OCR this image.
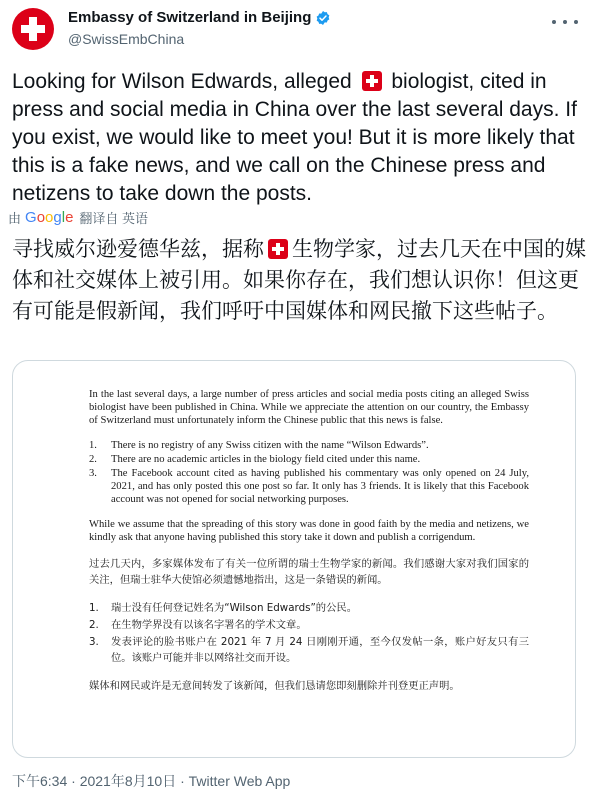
Embassy of Switzerland in Beijing
@SwissEmbChina
Looking for Wilson Edwards, alleged  biologist, cited in press and social media in China over the last several days. If you exist, we would like to meet you! But it is more likely that this is a fake news, and we call on the Chinese press and netizens to take down the posts.
由 Google 翻译自 英语
寻找威尔逊爱德华兹，据称 生物学家，过去几天在中国的媒体和社交媒体上被引用。如果你存在，我们想认识你！但这更有可能是假新闻，我们呼吁中国媒体和网民撤下这些帖子。

In the last several days, a large number of press articles and social media posts citing an alleged Swiss biologist have been published in China. While we appreciate the attention on our country, the Embassy of Switzerland must unfortunately inform the Chinese public that this news is false.

1. There is no registry of any Swiss citizen with the name “Wilson Edwards”.
2. There are no academic articles in the biology field cited under this name.
3. The Facebook account cited as having published his commentary was only opened on 24 July, 2021, and has only posted this one post so far. It only has 3 friends. It is likely that this Facebook account was not opened for social networking purposes.

While we assume that the spreading of this story was done in good faith by the media and netizens, we kindly ask that anyone having published this story take it down and publish a corrigendum.

过去几天内，多家媒体发布了有关一位所谓的瑞士生物学家的新闻。我们感谢大家对我们国家的关注，但瑞士驻华大使馆必须遗憾地指出，这是一条错误的新闻。

1. 瑞士没有任何登记姓名为“Wilson Edwards”的公民。
2. 在生物学界没有以该名字署名的学术文章。
3. 发表评论的脸书账户在 2021 年 7 月 24 日刚刚开通，至今仅发帖一条，账户好友只有三位。该账户可能并非以网络社交而开设。

媒体和网民或许是无意间转发了该新闻，但我们恳请您即刻删除并刊登更正声明。

下午6:34 · 2021年8月10日 · Twitter Web App
